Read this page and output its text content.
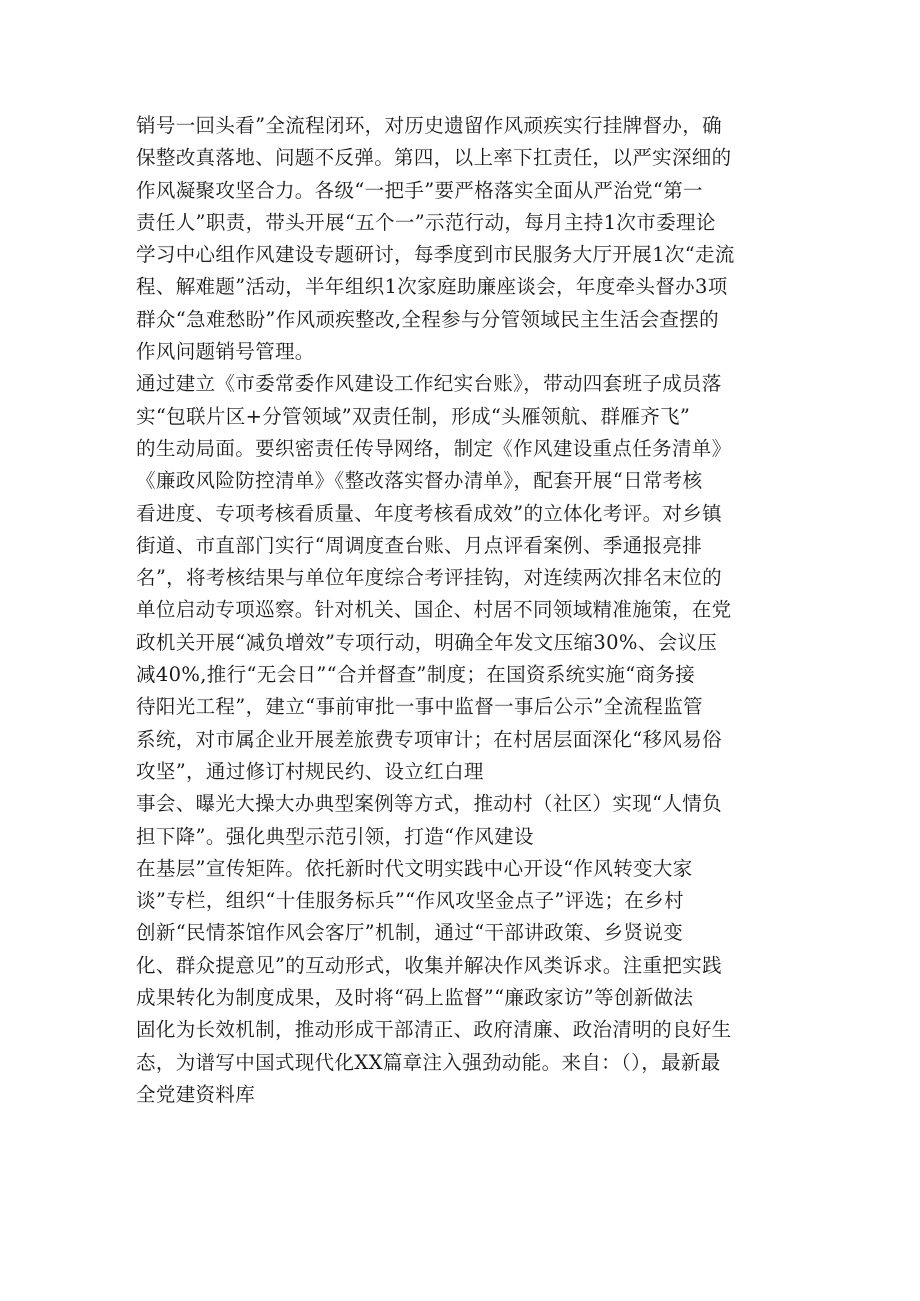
销号一回头看”全流程闭环，对历史遗留作风顽疾实行挂牌督办，确
保整改真落地、问题不反弹。第四，以上率下扛责任，以严实深细的
作风凝聚攻坚合力。各级“一把手”要严格落实全面从严治党“第一
责任人”职责，带头开展“五个一”示范行动，每月主持1次市委理论
学习中心组作风建设专题研讨，每季度到市民服务大厅开展1次“走流
程、解难题”活动，半年组织1次家庭助廉座谈会，年度牵头督办3项
群众“急难愁盼”作风顽疾整改,全程参与分管领域民主生活会查摆的
作风问题销号管理。
通过建立《市委常委作风建设工作纪实台账》，带动四套班子成员落
实“包联片区+分管领域”双责任制，形成“头雁领航、群雁齐飞”
的生动局面。要织密责任传导网络，制定《作风建设重点任务清单》
《廉政风险防控清单》《整改落实督办清单》，配套开展“日常考核
看进度、专项考核看质量、年度考核看成效”的立体化考评。对乡镇
街道、市直部门实行“周调度查台账、月点评看案例、季通报亮排
名”，将考核结果与单位年度综合考评挂钩，对连续两次排名末位的
单位启动专项巡察。针对机关、国企、村居不同领域精准施策，在党
政机关开展“减负增效”专项行动，明确全年发文压缩30%、会议压
减40%,推行“无会日”“合并督查”制度；在国资系统实施“商务接
待阳光工程”，建立“事前审批一事中监督一事后公示”全流程监管
系统，对市属企业开展差旅费专项审计；在村居层面深化“移风易俗
攻坚”，通过修订村规民约、设立红白理
事会、曝光大操大办典型案例等方式，推动村（社区）实现“人情负
担下降”。强化典型示范引领，打造“作风建设
在基层”宣传矩阵。依托新时代文明实践中心开设“作风转变大家
谈”专栏，组织“十佳服务标兵”“作风攻坚金点子”评选；在乡村
创新“民情茶馆作风会客厅”机制，通过“干部讲政策、乡贤说变
化、群众提意见”的互动形式，收集并解决作风类诉求。注重把实践
成果转化为制度成果，及时将“码上监督”“廉政家访”等创新做法
固化为长效机制，推动形成干部清正、政府清廉、政治清明的良好生
态，为谱写中国式现代化XX篇章注入强劲动能。来自：（），最新最
全党建资料库
